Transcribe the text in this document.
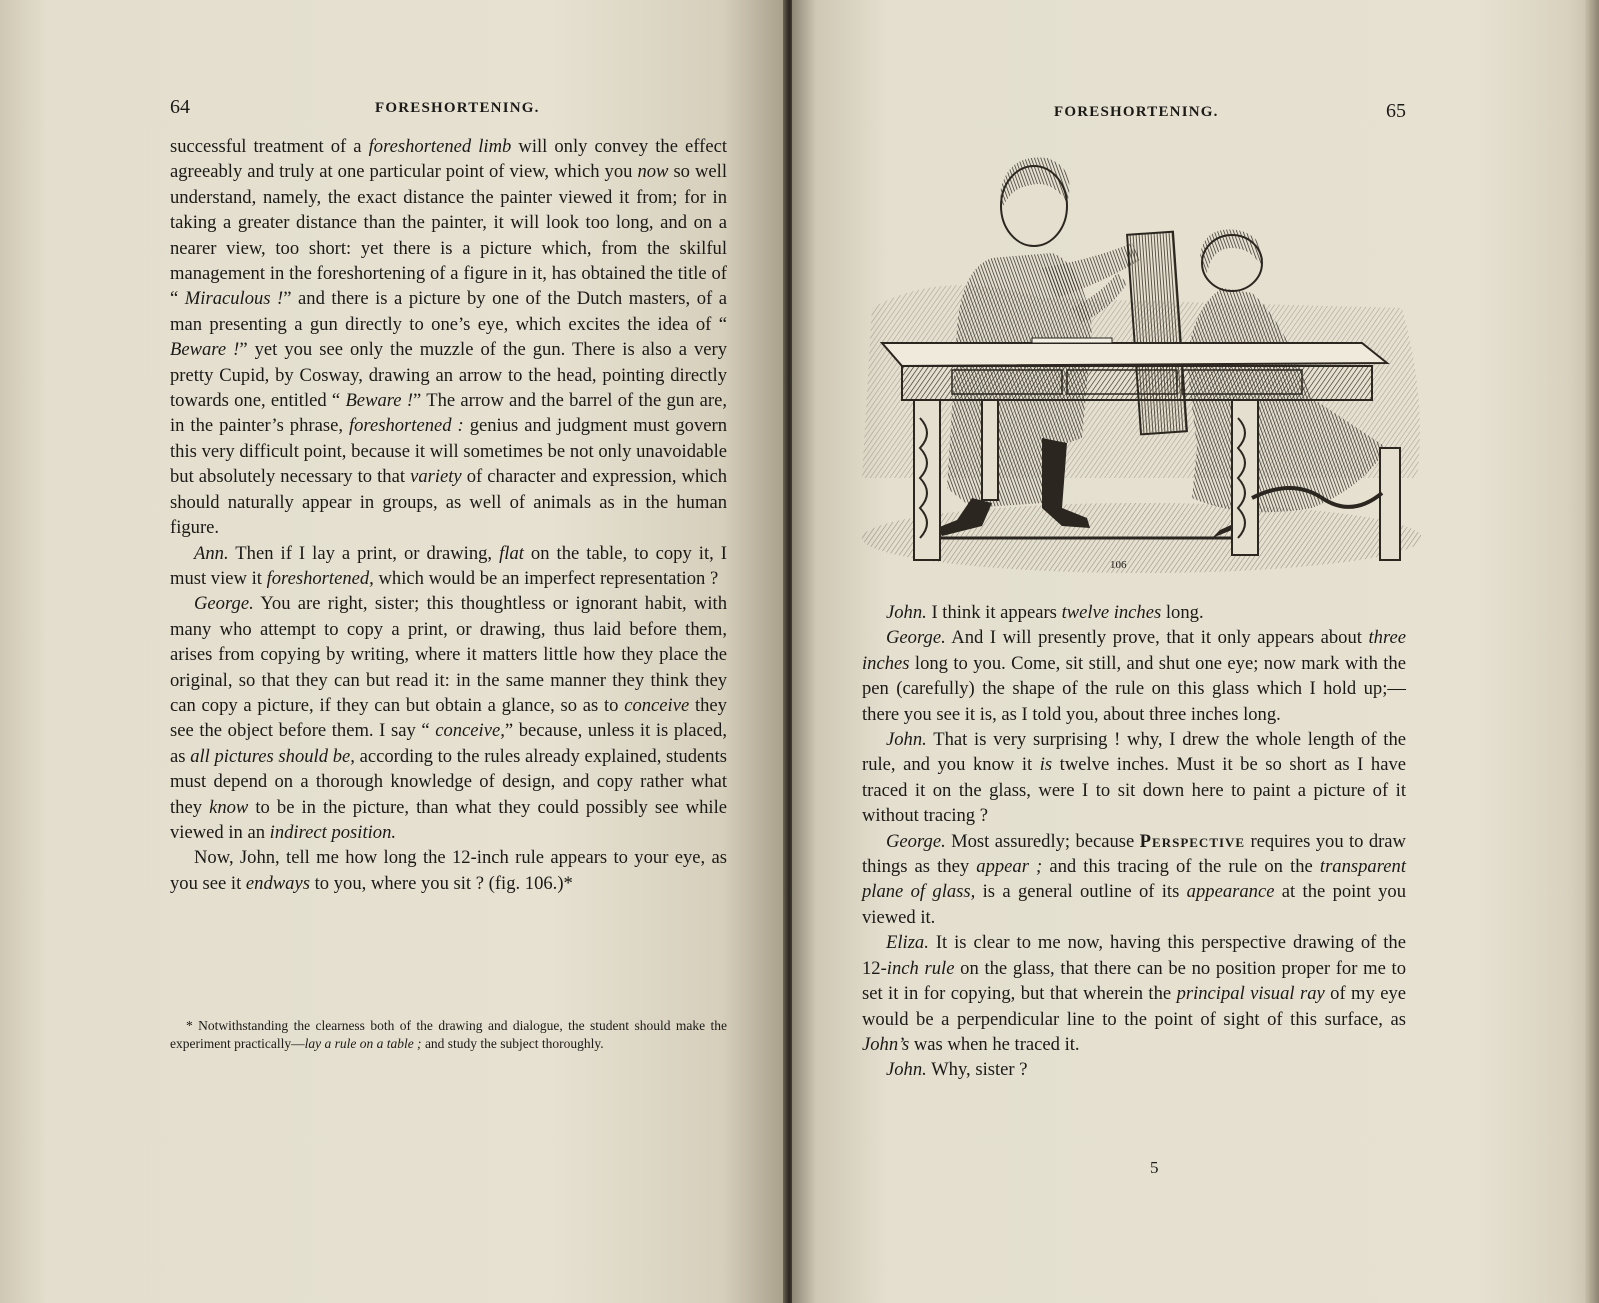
64	FORESHORTENING.

successful treatment of a foreshortened limb will only convey the effect agreeably and truly at one particular point of view, which you now so well understand, namely, the exact distance the painter viewed it from; for in taking a greater distance than the painter, it will look too long, and on a nearer view, too short: yet there is a picture which, from the skilful management in the foreshortening of a figure in it, has obtained the title of “ Miraculous !” and there is a picture by one of the Dutch masters, of a man presenting a gun directly to one’s eye, which excites the idea of “ Beware !” yet you see only the muzzle of the gun. There is also a very pretty Cupid, by Cosway, drawing an arrow to the head, pointing directly towards one, entitled “ Beware !” The arrow and the barrel of the gun are, in the painter’s phrase, foreshortened : genius and judgment must govern this very difficult point, because it will sometimes be not only unavoidable but absolutely necessary to that variety of character and expression, which should naturally appear in groups, as well of animals as in the human figure.

Ann. Then if I lay a print, or drawing, flat on the table, to copy it, I must view it foreshortened, which would be an imperfect representation ?

George. You are right, sister; this thoughtless or ignorant habit, with many who attempt to copy a print, or drawing, thus laid before them, arises from copying by writing, where it matters little how they place the original, so that they can but read it: in the same manner they think they can copy a picture, if they can but obtain a glance, so as to conceive they see the object before them. I say “ conceive,” because, unless it is placed, as all pictures should be, according to the rules already explained, students must depend on a thorough knowledge of design, and copy rather what they know to be in the picture, than what they could possibly see while viewed in an indirect position.

Now, John, tell me how long the 12-inch rule appears to your eye, as you see it endways to you, where you sit ? (fig. 106.)*

* Notwithstanding the clearness both of the drawing and dialogue, the student should make the experiment practically—lay a rule on a table ; and study the subject thoroughly.

FORESHORTENING.	65
106

John. I think it appears twelve inches long.

George. And I will presently prove, that it only appears about three inches long to you. Come, sit still, and shut one eye; now mark with the pen (carefully) the shape of the rule on this glass which I hold up;— there you see it is, as I told you, about three inches long.

John. That is very surprising ! why, I drew the whole length of the rule, and you know it is twelve inches. Must it be so short as I have traced it on the glass, were I to sit down here to paint a picture of it without tracing ?

George. Most assuredly; because Perspective requires you to draw things as they appear ; and this tracing of the rule on the transparent plane of glass, is a general outline of its appearance at the point you viewed it.

Eliza. It is clear to me now, having this perspective drawing of the 12-inch rule on the glass, that there can be no position proper for me to set it in for copying, but that wherein the principal visual ray of my eye would be a perpendicular line to the point of sight of this surface, as John’s was when he traced it.

John. Why, sister ?

5
